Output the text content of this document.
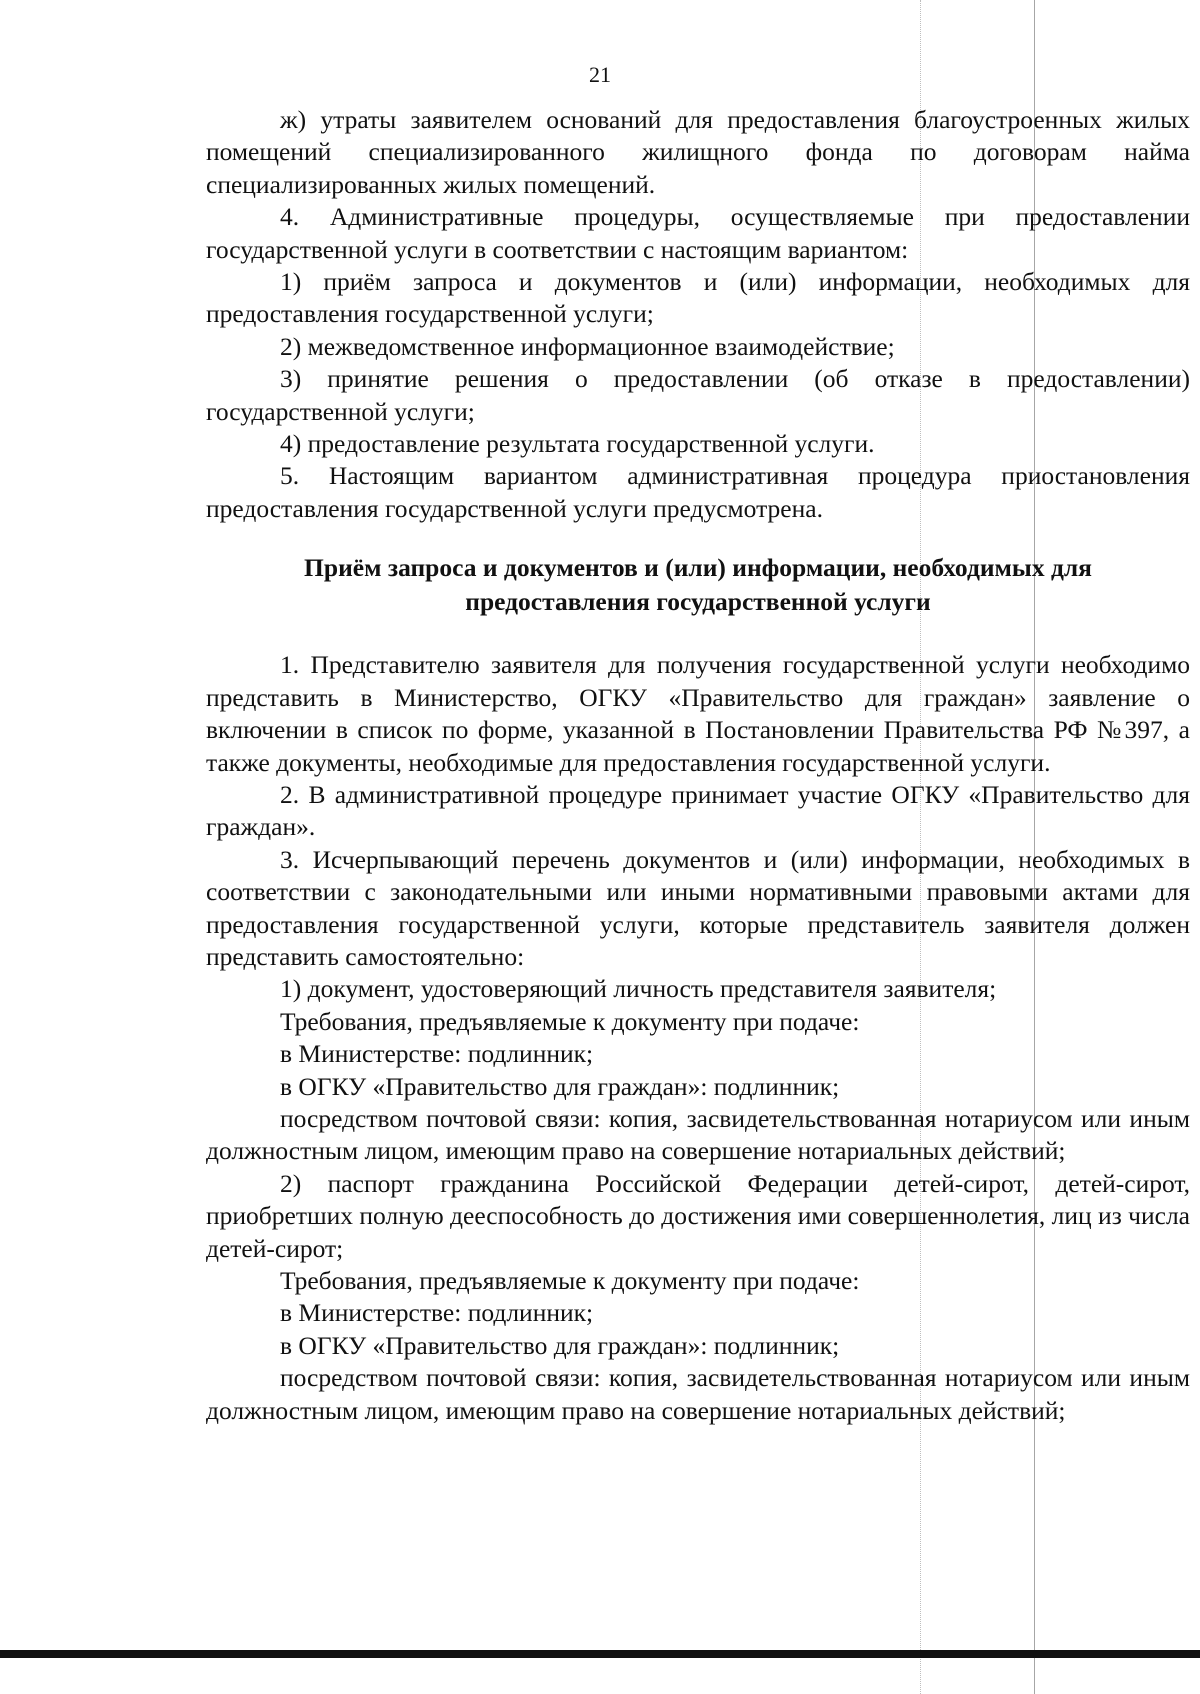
21

ж) утраты заявителем оснований для предоставления благоустроенных жилых помещений специализированного жилищного фонда по договорам найма специализированных жилых помещений.

4. Административные процедуры, осуществляемые при предоставлении государственной услуги в соответствии с настоящим вариантом:

1) приём запроса и документов и (или) информации, необходимых для предоставления государственной услуги;

2) межведомственное информационное взаимодействие;

3) принятие решения о предоставлении (об отказе в предоставлении) государственной услуги;

4) предоставление результата государственной услуги.

5. Настоящим вариантом административная процедура приостановления предоставления государственной услуги предусмотрена.

Приём запроса и документов и (или) информации, необходимых для
предоставления государственной услуги

1. Представителю заявителя для получения государственной услуги необходимо представить в Министерство, ОГКУ «Правительство для граждан» заявление о включении в список по форме, указанной в Постановлении Правительства РФ №397, а также документы, необходимые для предоставления государственной услуги.

2. В административной процедуре принимает участие ОГКУ «Правительство для граждан».

3. Исчерпывающий перечень документов и (или) информации, необходимых в соответствии с законодательными или иными нормативными правовыми актами для предоставления государственной услуги, которые представитель заявителя должен представить самостоятельно:

1) документ, удостоверяющий личность представителя заявителя;

Требования, предъявляемые к документу при подаче:

в Министерстве: подлинник;

в ОГКУ «Правительство для граждан»: подлинник;

посредством почтовой связи: копия, засвидетельствованная нотариусом или иным должностным лицом, имеющим право на совершение нотариальных действий;

2) паспорт гражданина Российской Федерации детей-сирот, детей-сирот, приобретших полную дееспособность до достижения ими совершеннолетия, лиц из числа детей-сирот;

Требования, предъявляемые к документу при подаче:

в Министерстве: подлинник;

в ОГКУ «Правительство для граждан»: подлинник;

посредством почтовой связи: копия, засвидетельствованная нотариусом или иным должностным лицом, имеющим право на совершение нотариальных действий;
